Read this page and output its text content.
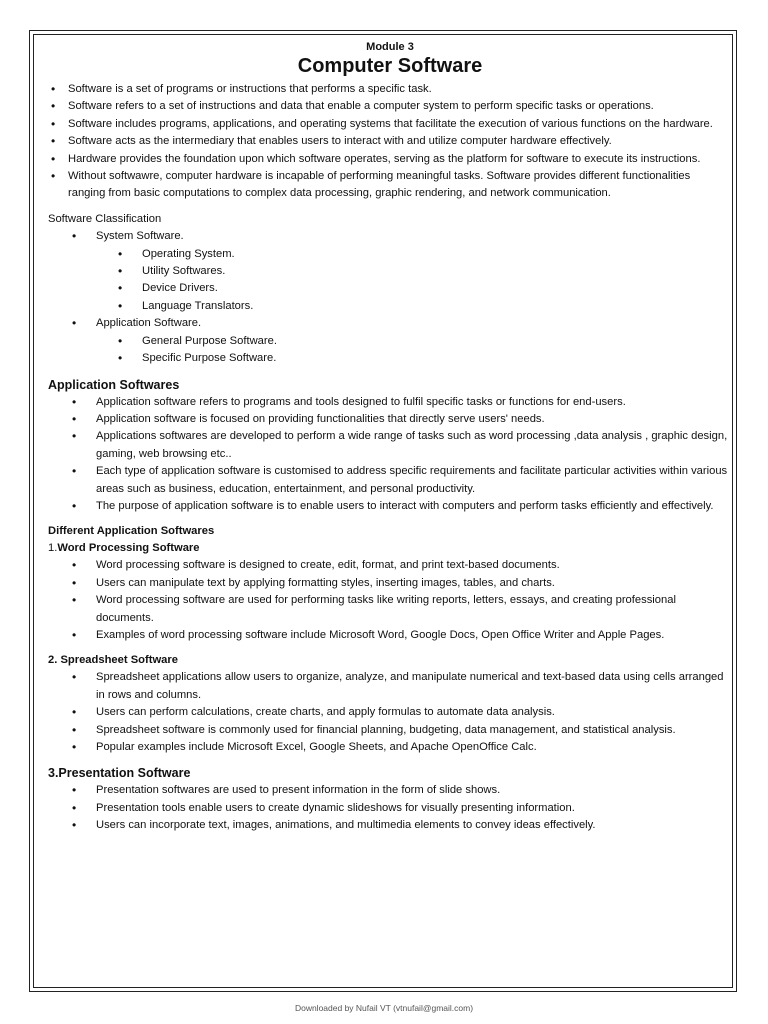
Module 3
Computer Software
• Software is a set of programs or instructions that performs a specific task.
• Software refers to a set of instructions and data that enable a computer system to perform specific tasks or operations.
• Software includes programs, applications, and operating systems that facilitate the execution of various functions on the hardware.
• Software acts as the intermediary that enables users to interact with and utilize computer hardware effectively.
• Hardware provides the foundation upon which software operates, serving as the platform for software to execute its instructions.
• Without softwawre, computer hardware is incapable of performing meaningful tasks. Software provides different functionalities ranging from basic computations to complex data processing, graphic rendering, and network communication.
Software Classification
• System Software.
• Operating System.
• Utility Softwares.
• Device Drivers.
• Language Translators.
• Application Software.
• General Purpose Software.
• Specific Purpose Software.
Application Softwares
• Application software refers to programs and tools designed to fulfil specific tasks or functions for end-users.
• Application software is focused on providing functionalities that directly serve users' needs.
• Applications softwares are developed to perform a wide range of tasks such as word processing ,data analysis , graphic design, gaming, web browsing etc..
• Each type of application software is customised to address specific requirements and facilitate particular activities within various areas such as business, education, entertainment, and personal productivity.
• The purpose of application software is to enable users to interact with computers and perform tasks efficiently and effectively.
Different Application Softwares
1.Word Processing Software
• Word processing software is designed to create, edit, format, and print text-based documents.
• Users can manipulate text by applying formatting styles, inserting images, tables, and charts.
• Word processing software are used for performing tasks like writing reports, letters, essays, and creating professional documents.
• Examples of word processing software include Microsoft Word, Google Docs, Open Office Writer and Apple Pages.
2. Spreadsheet Software
• Spreadsheet applications allow users to organize, analyze, and manipulate numerical and text-based data using cells arranged in rows and columns.
• Users can perform calculations, create charts, and apply formulas to automate data analysis.
• Spreadsheet software is commonly used for financial planning, budgeting, data management, and statistical analysis.
• Popular examples include Microsoft Excel, Google Sheets, and Apache OpenOffice Calc.
3.Presentation Software
• Presentation softwares are used to present information in the form of slide shows.
• Presentation tools enable users to create dynamic slideshows for visually presenting information.
• Users can incorporate text, images, animations, and multimedia elements to convey ideas effectively.
Downloaded by Nufail VT (vtnufail@gmail.com)
